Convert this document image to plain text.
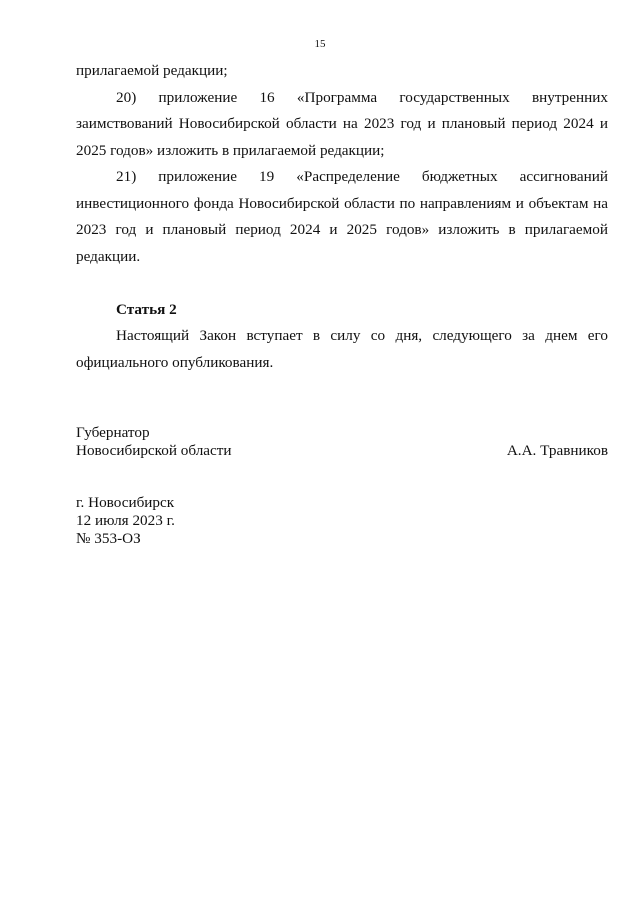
15

прилагаемой редакции;

20) приложение 16 «Программа государственных внутренних

заимствований Новосибирской области на 2023 год и плановый период 2024 и 2025 годов» изложить в прилагаемой редакции;

21) приложение 19 «Распределение бюджетных ассигнований

инвестиционного фонда Новосибирской области по направлениям и объектам на 2023 год и плановый период 2024 и 2025 годов» изложить в прилагаемой редакции.

Статья 2

Настоящий Закон вступает в силу со дня, следующего за днем его официального опубликования.

Губернатор
Новосибирской области	А.А. Травников
г. Новосибирск
12 июля 2023 г.
№ 353-ОЗ
